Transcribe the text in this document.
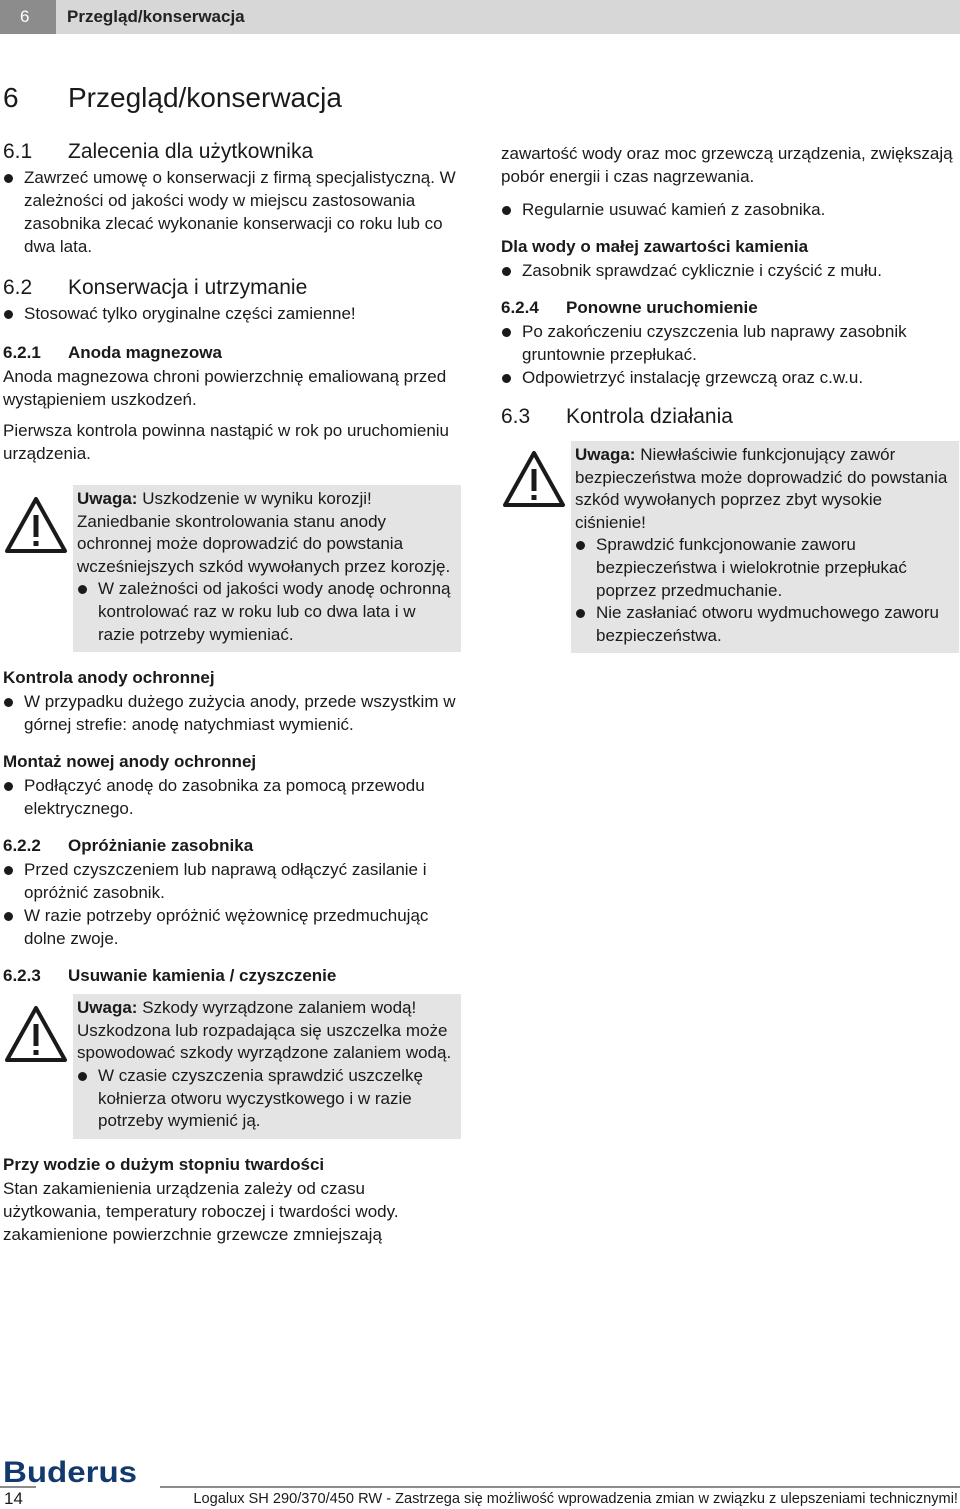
6	Przegląd/konserwacja
6 Przegląd/konserwacja
6.1 Zalecenia dla użytkownika
Zawrzeć umowę o konserwacji z firmą specjalistyczną. W zależności od jakości wody w miejscu zastosowania zasobnika zlecać wykonanie konserwacji co roku lub co dwa lata.
6.2 Konserwacja i utrzymanie
Stosować tylko oryginalne części zamienne!
6.2.1 Anoda magnezowa

Anoda magnezowa chroni powierzchnię emaliowaną przed wystąpieniem uszkodzeń.

Pierwsza kontrola powinna nastąpić w rok po uruchomieniu urządzenia.

Uwaga: Uszkodzenie w wyniku korozji! Zaniedbanie skontrolowania stanu anody ochronnej może doprowadzić do powstania wcześniejszych szkód wywołanych przez korozję.

W zależności od jakości wody anodę ochronną kontrolować raz w roku lub co dwa lata i w razie potrzeby wymieniać.

Kontrola anody ochronnej

W przypadku dużego zużycia anody, przede wszystkim w górnej strefie: anodę natychmiast wymienić.

Montaż nowej anody ochronnej

Podłączyć anodę do zasobnika za pomocą przewodu elektrycznego.
6.2.2 Opróżnianie zasobnika
Przed czyszczeniem lub naprawą odłączyć zasilanie i opróżnić zasobnik.
W razie potrzeby opróżnić wężownicę przedmuchując dolne zwoje.
6.2.3 Usuwanie kamienia / czyszczenie

Uwaga: Szkody wyrządzone zalaniem wodą! Uszkodzona lub rozpadająca się uszczelka może spowodować szkody wyrządzone zalaniem wodą.

W czasie czyszczenia sprawdzić uszczelkę kołnierza otworu wyczystkowego i w razie potrzeby wymienić ją.

Przy wodzie o dużym stopniu twardości

Stan zakamienienia urządzenia zależy od czasu użytkowania, temperatury roboczej i twardości wody. zakamienione powierzchnie grzewcze zmniejszają

zawartość wody oraz moc grzewczą urządzenia, zwiększają pobór energii i czas nagrzewania.

Regularnie usuwać kamień z zasobnika.

Dla wody o małej zawartości kamienia

Zasobnik sprawdzać cyklicznie i czyścić z mułu.
6.2.4 Ponowne uruchomienie
Po zakończeniu czyszczenia lub naprawy zasobnik gruntownie przepłukać.
Odpowietrzyć instalację grzewczą oraz c.w.u.
6.3 Kontrola działania

Uwaga: Niewłaściwie funkcjonujący zawór bezpieczeństwa może doprowadzić do powstania szkód wywołanych poprzez zbyt wysokie ciśnienie!

Sprawdzić funkcjonowanie zaworu bezpieczeństwa i wielokrotnie przepłukać poprzez przedmuchanie.
Nie zasłaniać otworu wydmuchowego zaworu bezpieczeństwa.
Buderus
14	Logalux SH 290/370/450 RW - Zastrzega się możliwość wprowadzenia zmian w związku z ulepszeniami technicznymi!
